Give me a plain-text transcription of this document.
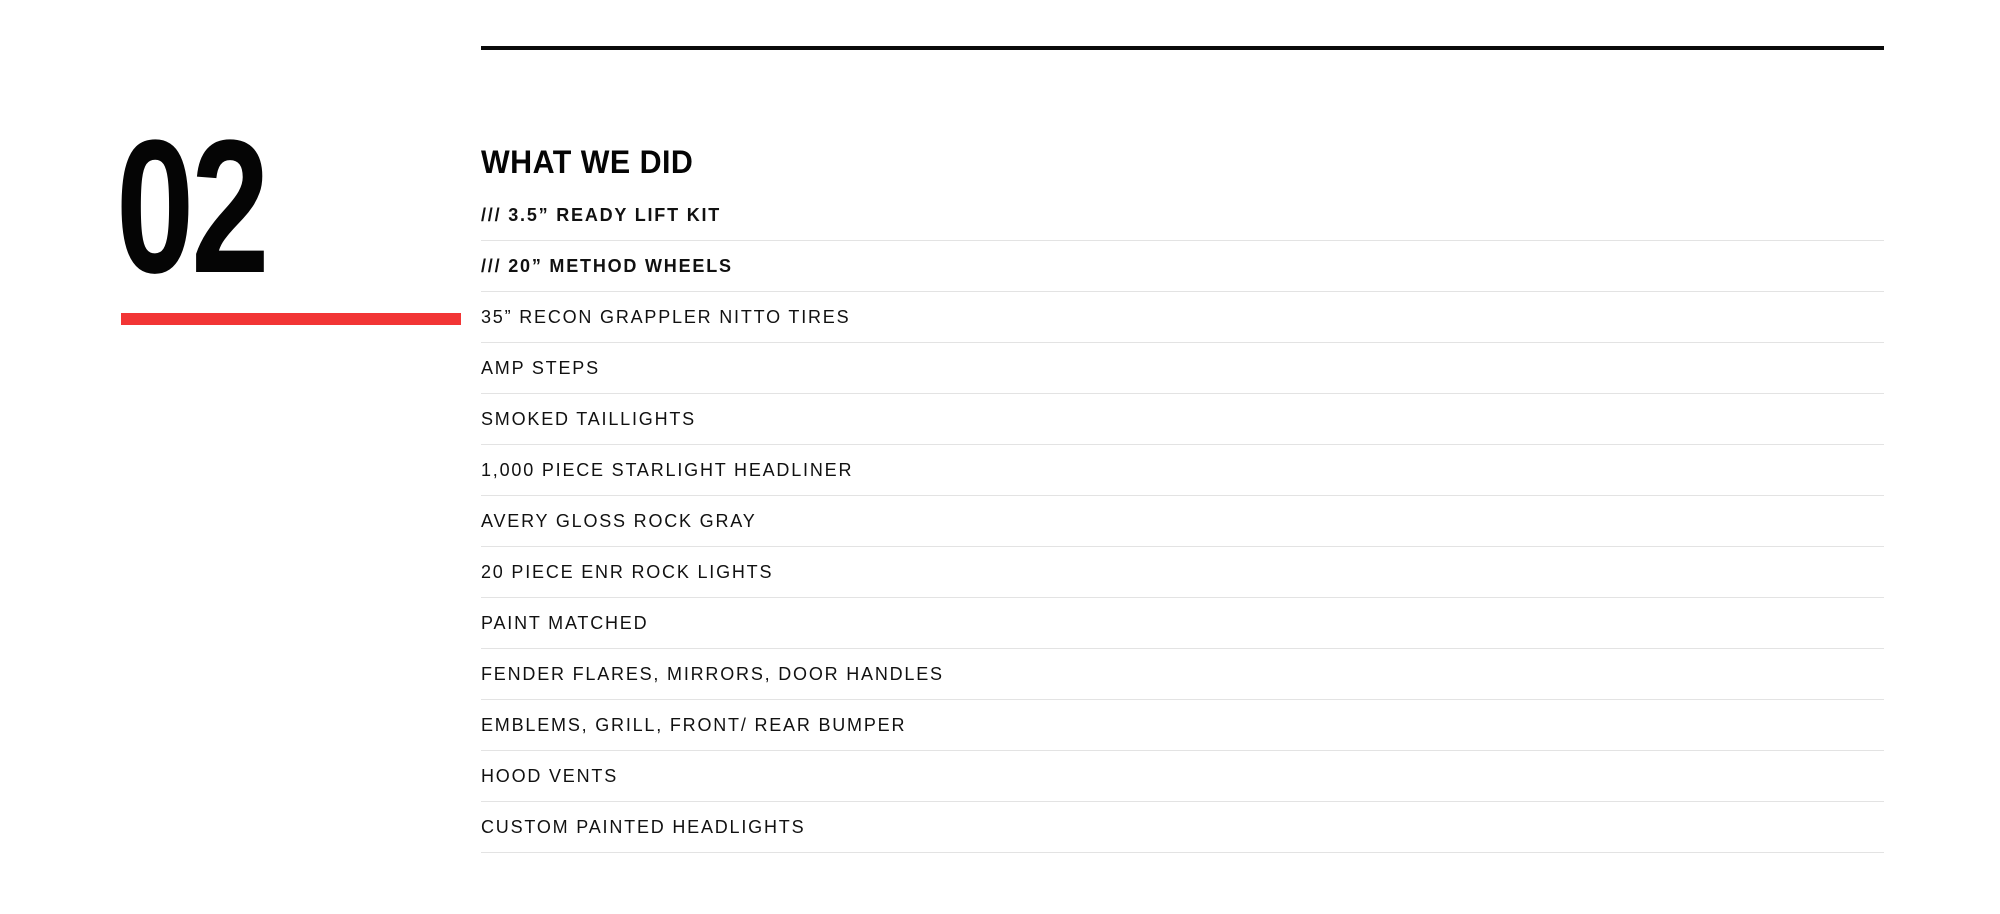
02	WHAT WE DID
/// 3.5” READY LIFT KIT
/// 20” METHOD WHEELS
35” RECON GRAPPLER NITTO TIRES
AMP STEPS
SMOKED TAILLIGHTS
1,000 PIECE STARLIGHT HEADLINER
AVERY GLOSS ROCK GRAY
20 PIECE ENR ROCK LIGHTS
PAINT MATCHED
FENDER FLARES, MIRRORS, DOOR HANDLES
EMBLEMS, GRILL, FRONT/ REAR BUMPER
HOOD VENTS
CUSTOM PAINTED HEADLIGHTS
